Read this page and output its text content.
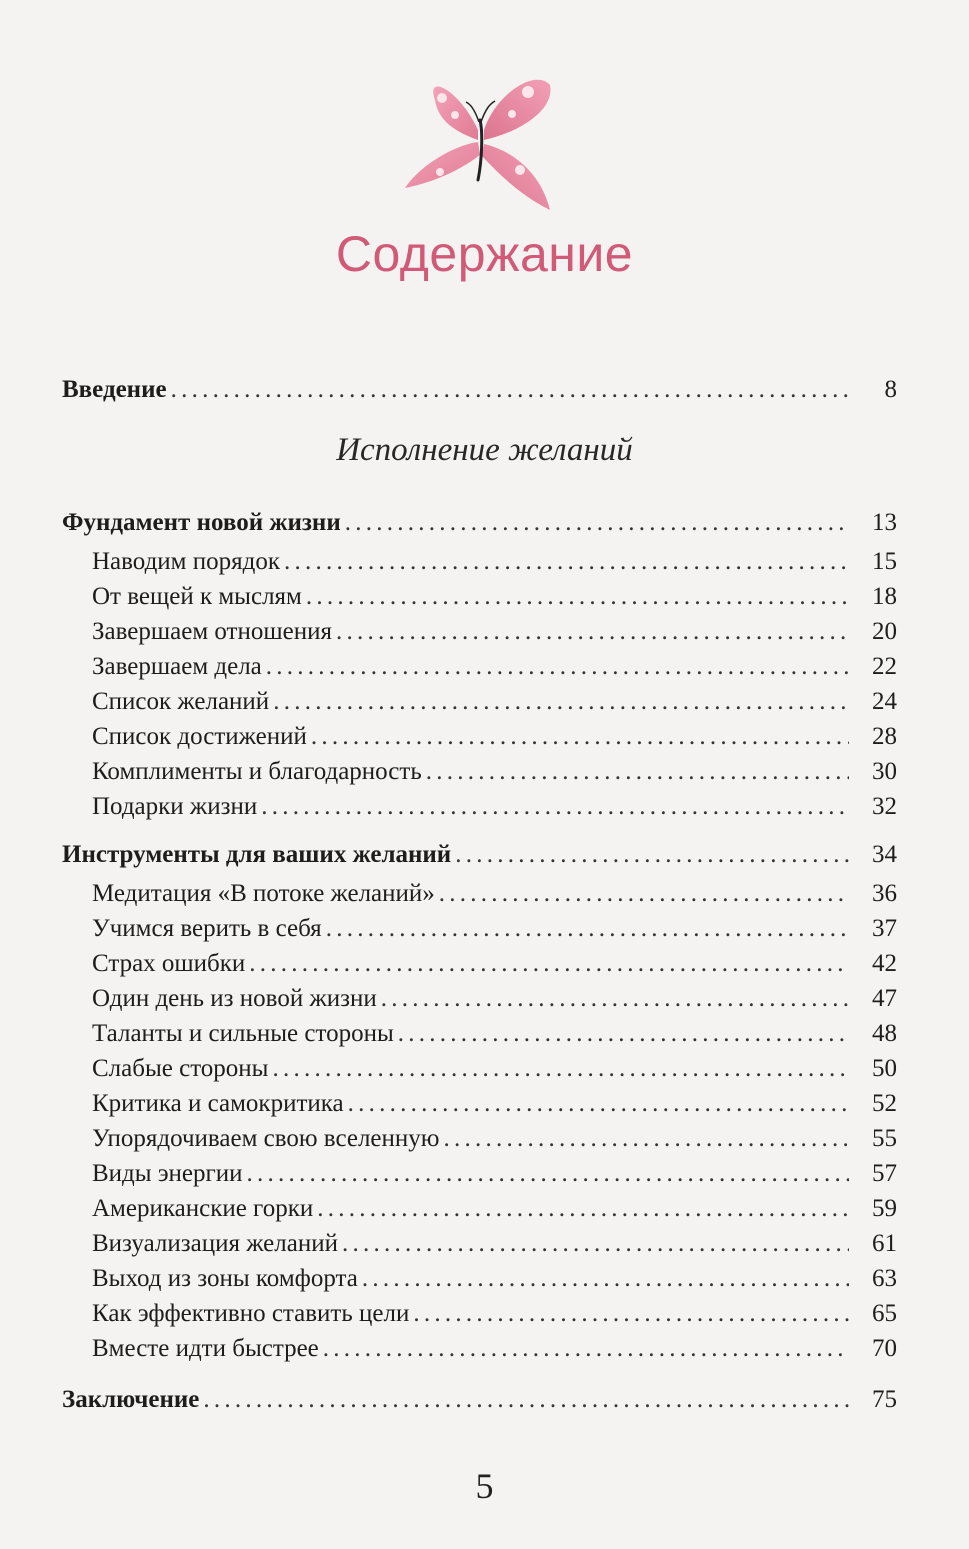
Содержание
Введение . . .	8
Исполнение желаний
Фундамент новой жизни . . .	13
Наводим порядок . . .	15
От вещей к мыслям . . .	18
Завершаем отношения . . .	20
Завершаем дела . . .	22
Список желаний . . .	24
Список достижений . . .	28
Комплименты и благодарность . . .	30
Подарки жизни . . .	32
Инструменты для ваших желаний . . .	34
Медитация «В потоке желаний» . . .	36
Учимся верить в себя . . .	37
Страх ошибки . . .	42
Один день из новой жизни . . .	47
Таланты и сильные стороны . . .	48
Слабые стороны . . .	50
Критика и самокритика . . .	52
Упорядочиваем свою вселенную . . .	55
Виды энергии . . .	57
Американские горки . . .	59
Визуализация желаний . . .	61
Выход из зоны комфорта . . .	63
Как эффективно ставить цели . . .	65
Вместе идти быстрее . . .	70
Заключение . . .	75
5
